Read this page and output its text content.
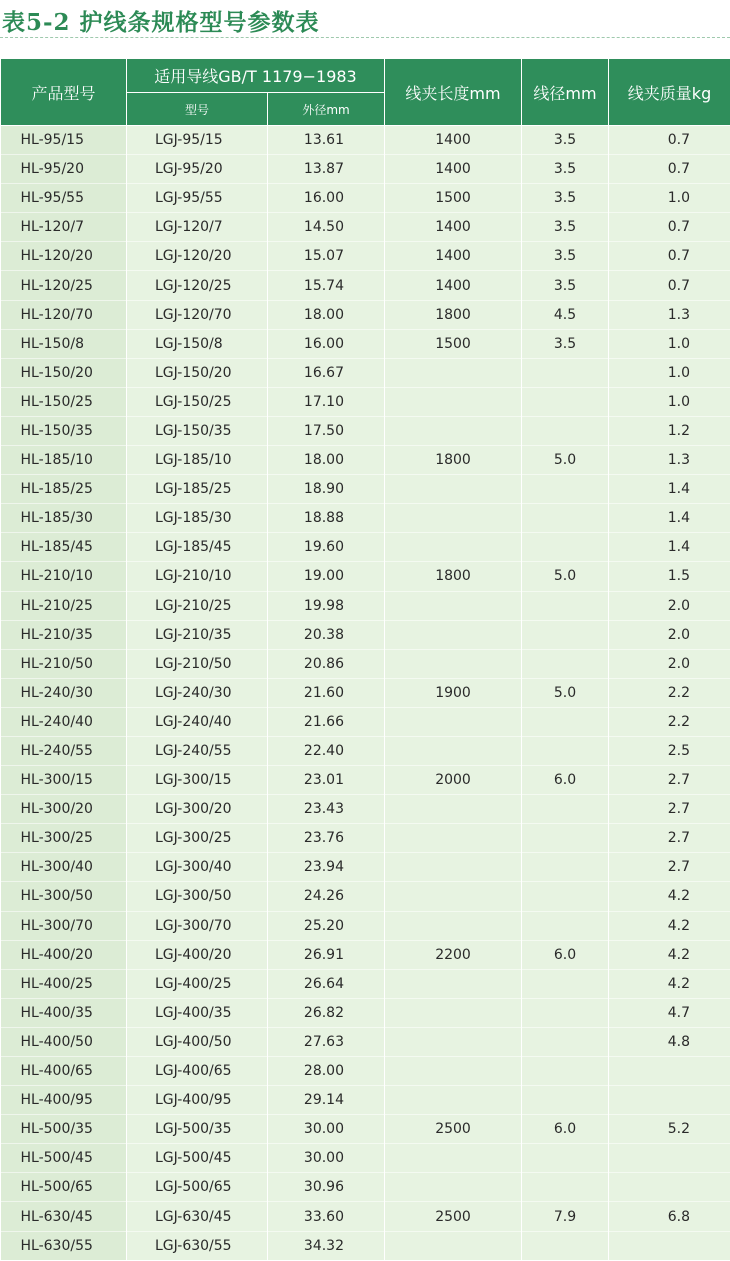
表5-2 护线条规格型号参数表
产品型号	适用导线GB/T 1179−1983		线夹长度mm	线径mm	线夹质量kg
	型号	外径mm			
HL-95/15	LGJ-95/15	13.61	1400	3.5	0.7
HL-95/20	LGJ-95/20	13.87	1400	3.5	0.7
HL-95/55	LGJ-95/55	16.00	1500	3.5	1.0
HL-120/7	LGJ-120/7	14.50	1400	3.5	0.7
HL-120/20	LGJ-120/20	15.07	1400	3.5	0.7
HL-120/25	LGJ-120/25	15.74	1400	3.5	0.7
HL-120/70	LGJ-120/70	18.00	1800	4.5	1.3
HL-150/8	LGJ-150/8	16.00	1500	3.5	1.0
HL-150/20	LGJ-150/20	16.67			1.0
HL-150/25	LGJ-150/25	17.10			1.0
HL-150/35	LGJ-150/35	17.50			1.2
HL-185/10	LGJ-185/10	18.00	1800	5.0	1.3
HL-185/25	LGJ-185/25	18.90			1.4
HL-185/30	LGJ-185/30	18.88			1.4
HL-185/45	LGJ-185/45	19.60			1.4
HL-210/10	LGJ-210/10	19.00	1800	5.0	1.5
HL-210/25	LGJ-210/25	19.98			2.0
HL-210/35	LGJ-210/35	20.38			2.0
HL-210/50	LGJ-210/50	20.86			2.0
HL-240/30	LGJ-240/30	21.60	1900	5.0	2.2
HL-240/40	LGJ-240/40	21.66			2.2
HL-240/55	LGJ-240/55	22.40			2.5
HL-300/15	LGJ-300/15	23.01	2000	6.0	2.7
HL-300/20	LGJ-300/20	23.43			2.7
HL-300/25	LGJ-300/25	23.76			2.7
HL-300/40	LGJ-300/40	23.94			2.7
HL-300/50	LGJ-300/50	24.26			4.2
HL-300/70	LGJ-300/70	25.20			4.2
HL-400/20	LGJ-400/20	26.91	2200	6.0	4.2
HL-400/25	LGJ-400/25	26.64			4.2
HL-400/35	LGJ-400/35	26.82			4.7
HL-400/50	LGJ-400/50	27.63			4.8
HL-400/65	LGJ-400/65	28.00			
HL-400/95	LGJ-400/95	29.14			
HL-500/35	LGJ-500/35	30.00	2500	6.0	5.2
HL-500/45	LGJ-500/45	30.00			
HL-500/65	LGJ-500/65	30.96			
HL-630/45	LGJ-630/45	33.60	2500	7.9	6.8
HL-630/55	LGJ-630/55	34.32			
